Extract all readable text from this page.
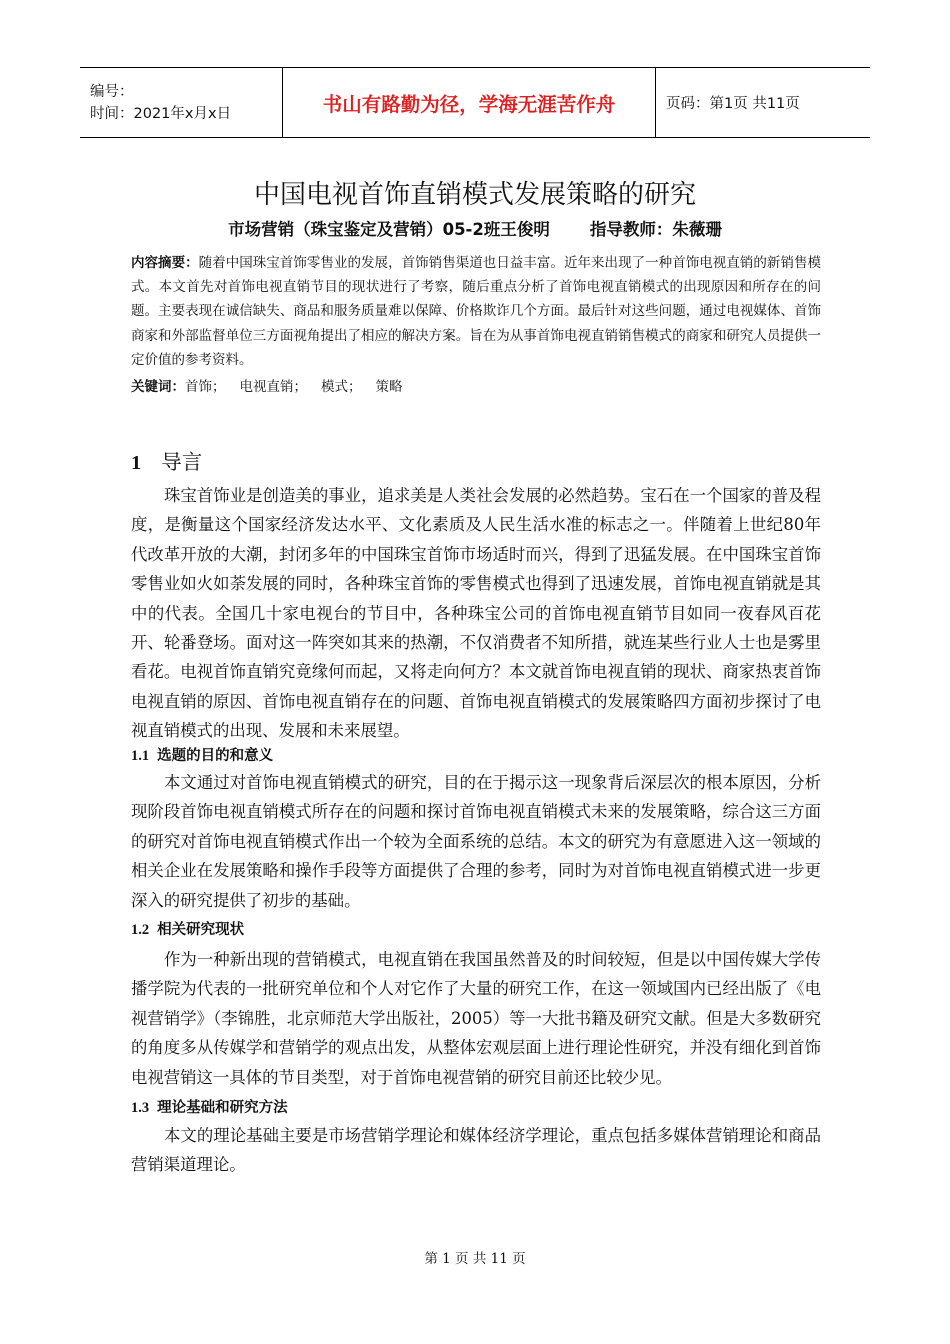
编号：
时间：2021年x月x日	书山有路勤为径，学海无涯苦作舟	页码：第1页 共11页
中国电视首饰直销模式发展策略的研究
市场营销（珠宝鉴定及营销）05-2班王俊明 指导教师：朱薇珊
内容摘要：随着中国珠宝首饰零售业的发展，首饰销售渠道也日益丰富。近年来出现了一种首饰电视直销的新销售模式。本文首先对首饰电视直销节目的现状进行了考察，随后重点分析了首饰电视直销模式的出现原因和所存在的问题。主要表现在诚信缺失、商品和服务质量难以保障、价格欺诈几个方面。最后针对这些问题，通过电视媒体、首饰商家和外部监督单位三方面视角提出了相应的解决方案。旨在为从事首饰电视直销销售模式的商家和研究人员提供一定价值的参考资料。
关键词：首饰； 电视直销； 模式； 策略
1 导言
珠宝首饰业是创造美的事业，追求美是人类社会发展的必然趋势。宝石在一个国家的普及程度，是衡量这个国家经济发达水平、文化素质及人民生活水准的标志之一。伴随着上世纪80年代改革开放的大潮，封闭多年的中国珠宝首饰市场适时而兴，得到了迅猛发展。在中国珠宝首饰零售业如火如荼发展的同时，各种珠宝首饰的零售模式也得到了迅速发展，首饰电视直销就是其中的代表。全国几十家电视台的节目中，各种珠宝公司的首饰电视直销节目如同一夜春风百花开、轮番登场。面对这一阵突如其来的热潮，不仅消费者不知所措，就连某些行业人士也是雾里看花。电视首饰直销究竟缘何而起，又将走向何方？本文就首饰电视直销的现状、商家热衷首饰电视直销的原因、首饰电视直销存在的问题、首饰电视直销模式的发展策略四方面初步探讨了电视直销模式的出现、发展和未来展望。
1.1 选题的目的和意义
本文通过对首饰电视直销模式的研究，目的在于揭示这一现象背后深层次的根本原因，分析现阶段首饰电视直销模式所存在的问题和探讨首饰电视直销模式未来的发展策略，综合这三方面的研究对首饰电视直销模式作出一个较为全面系统的总结。本文的研究为有意愿进入这一领域的相关企业在发展策略和操作手段等方面提供了合理的参考，同时为对首饰电视直销模式进一步更深入的研究提供了初步的基础。
1.2 相关研究现状
作为一种新出现的营销模式，电视直销在我国虽然普及的时间较短，但是以中国传媒大学传播学院为代表的一批研究单位和个人对它作了大量的研究工作，在这一领域国内已经出版了《电视营销学》（李锦胜，北京师范大学出版社，2005）等一大批书籍及研究文献。但是大多数研究的角度多从传媒学和营销学的观点出发，从整体宏观层面上进行理论性研究，并没有细化到首饰电视营销这一具体的节目类型，对于首饰电视营销的研究目前还比较少见。
1.3 理论基础和研究方法
本文的理论基础主要是市场营销学理论和媒体经济学理论，重点包括多媒体营销理论和商品营销渠道理论。
第 1 页 共 11 页
